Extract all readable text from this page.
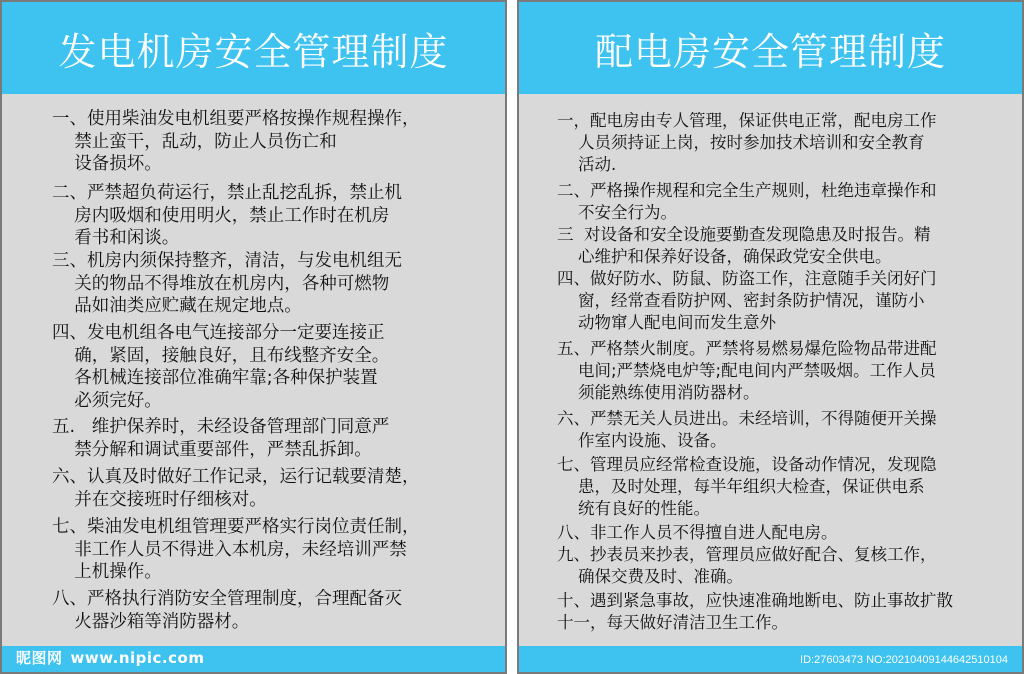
发电机房安全管理制度
一、使用柴油发电机组要严格按操作规程操作，
禁止蛮干，乱动，防止人员伤亡和
设备损坏。
二、严禁超负荷运行，禁止乱挖乱拆，禁止机
房内吸烟和使用明火，禁止工作时在机房
看书和闲谈。
三、机房内须保持整齐，清洁，与发电机组无
关的物品不得堆放在机房内，各种可燃物
品如油类应贮藏在规定地点。
四、发电机组各电气连接部分一定要连接正
确，紧固，接触良好，且布线整齐安全。
各机械连接部位准确牢靠;各种保护装置
必须完好。
五.   维护保养时，未经设备管理部门同意严
禁分解和调试重要部件，严禁乱拆卸。
六、认真及时做好工作记录，运行记载要清楚，
并在交接班时仔细核对。
七、柴油发电机组管理要严格实行岗位责任制，
非工作人员不得进入本机房，未经培训严禁
上机操作。
八、严格执行消防安全管理制度，合理配备灭
火器沙箱等消防器材。
昵图网 www.nipic.com
配电房安全管理制度
一，配电房由专人管理，保证供电正常，配电房工作
人员须持证上岗，按时参加技术培训和安全教育
活动.
二、严格操作规程和完全生产规则，杜绝违章操作和
不安全行为。
三  对设备和安全设施要勤查发现隐患及时报告。精
心维护和保养好设备，确保政党安全供电。
四、做好防水、防鼠、防盗工作，注意随手关闭好门
窗，经常查看防护网、密封条防护情况，谨防小
动物窜人配电间而发生意外
五、严格禁火制度。严禁将易燃易爆危险物品带进配
电间;严禁烧电炉等;配电间内严禁吸烟。工作人员
须能熟练使用消防器材。
六、严禁无关人员进出。未经培训，不得随便开关操
作室内设施、设备。
七、管理员应经常检查设施，设备动作情况，发现隐
患，及时处理，每半年组织大检查，保证供电系
统有良好的性能。
八、非工作人员不得擅自进人配电房。
九、抄表员来抄表，管理员应做好配合、复核工作，
确保交费及时、准确。
十、遇到紧急事故，应快速准确地断电、防止事故扩散
十一，每天做好清洁卫生工作。
ID:27603473 NO:20210409144642510104
